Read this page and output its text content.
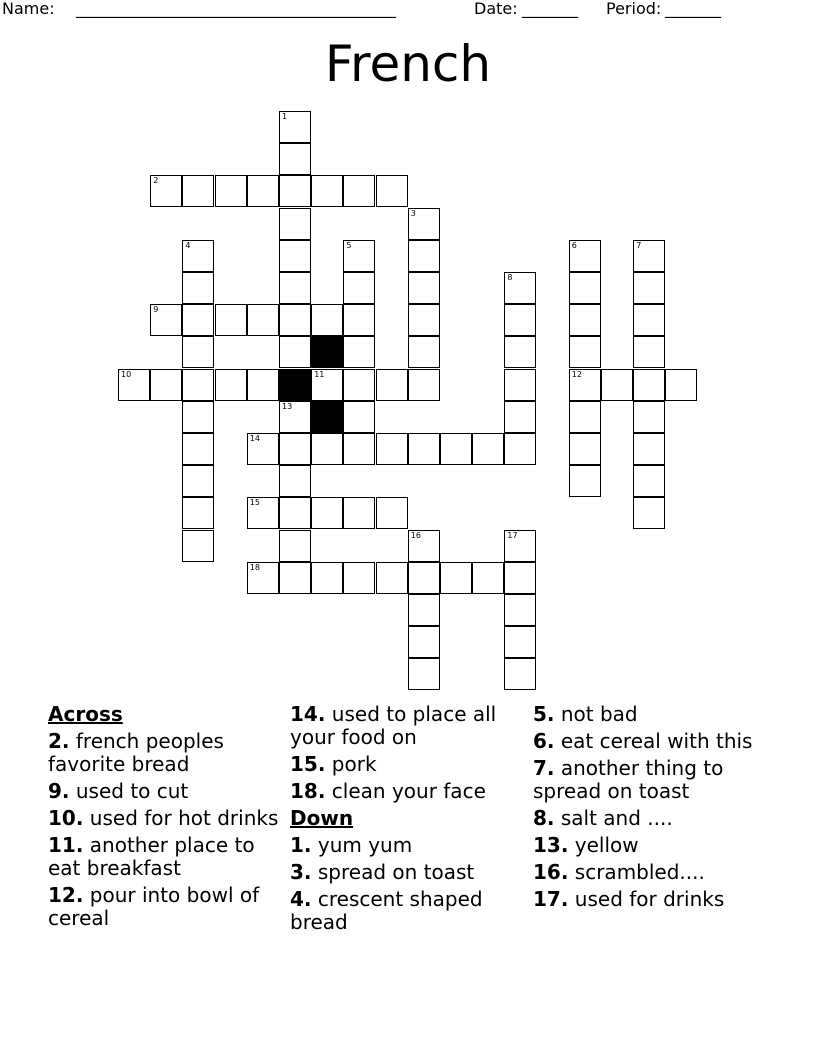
Name: ________________________________________	Date: _______ Period: _______
French
1
13
2
3
4	5	6
12
7
8
9
10	11
14
15
16	17
18
Across
2. french peoples favorite bread
9. used to cut
10. used for hot drinks
11. another place to eat breakfast
12. pour into bowl of cereal
14. used to place all your food on
15. pork
18. clean your face
Down
1. yum yum
3. spread on toast
4. crescent shaped bread
5. not bad
6. eat cereal with this
7. another thing to spread on toast
8. salt and ....
13. yellow
16. scrambled....
17. used for drinks
